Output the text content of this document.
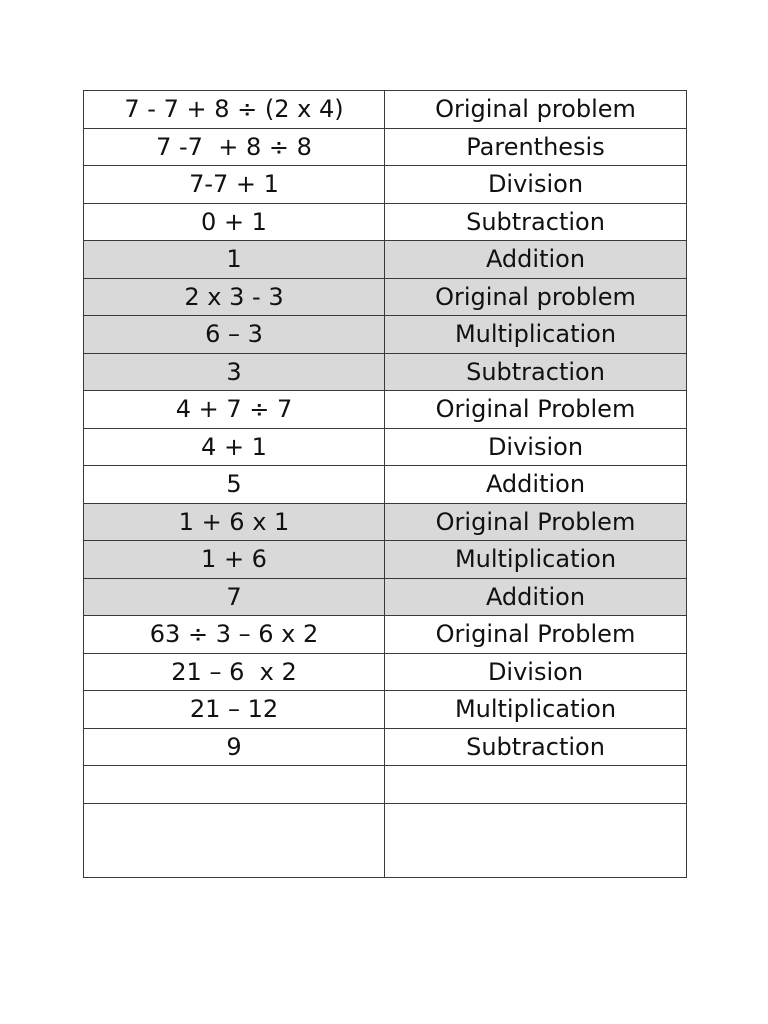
7 - 7 + 8 ÷ (2 x 4)	Original problem
7 -7  + 8 ÷ 8	Parenthesis
7-7 + 1	Division
0 + 1	Subtraction
1	Addition
2 x 3 - 3	Original problem
6 – 3	Multiplication
3	Subtraction
4 + 7 ÷ 7	Original Problem
4 + 1	Division
5	Addition
1 + 6 x 1	Original Problem
1 + 6	Multiplication
7	Addition
63 ÷ 3 – 6 x 2	Original Problem
21 – 6  x 2	Division
21 – 12	Multiplication
9	Subtraction
